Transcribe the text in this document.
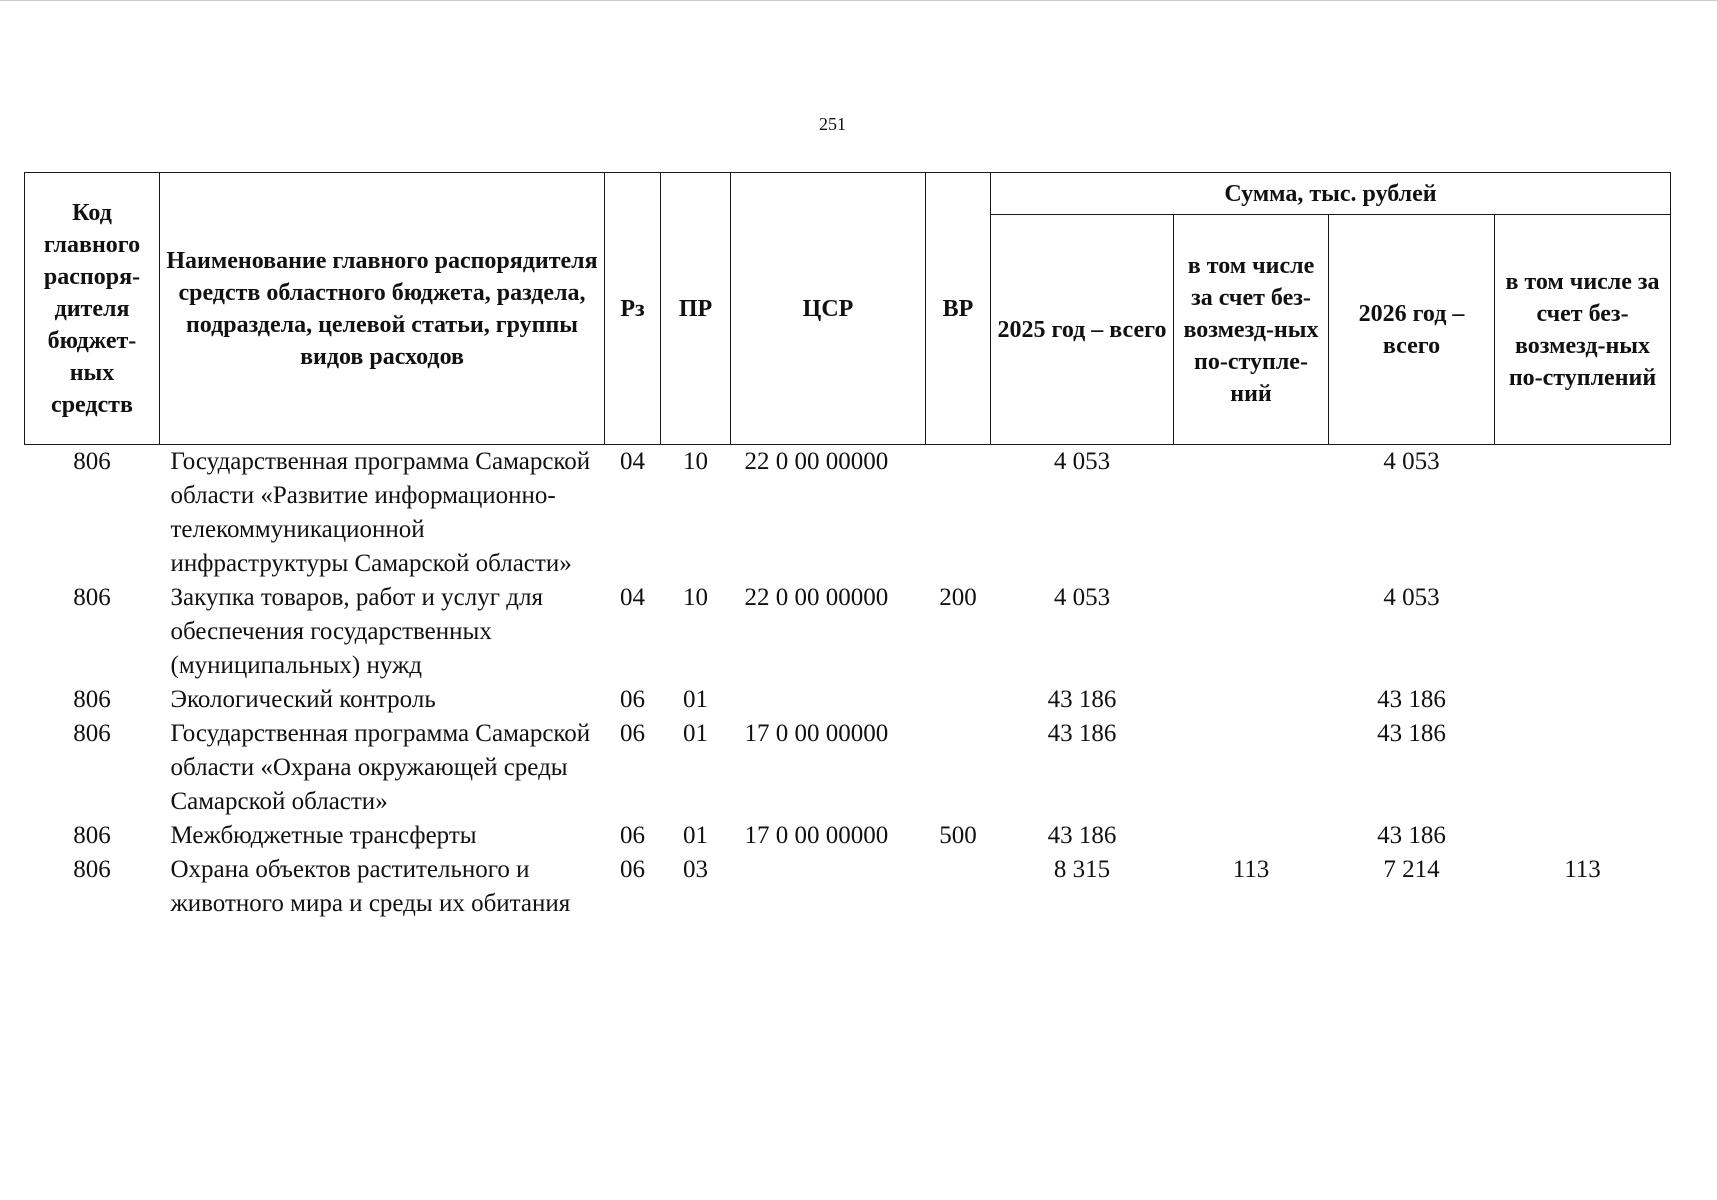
251
Код главного распоря-дителя бюджет-ных средств	Наименование главного распорядителя средств областного бюджета, раздела, подраздела, целевой статьи, группы видов расходов	Рз	ПР	ЦСР	ВР	Сумма, тыс. рублей			
						2025 год – всего	в том числе за счет без-возмезд-ных по-ступле-ний	2026 год – всего	в том числе за счет без-возмезд-ных по-ступлений
806	Государственная программа Самарской области «Развитие информационно-телекоммуникационной инфраструктуры Самарской области»	04	10	22 0 00 00000		4 053		4 053	
806	Закупка товаров, работ и услуг для обеспечения государственных (муниципальных) нужд	04	10	22 0 00 00000	200	4 053		4 053	
806	Экологический контроль	06	01			43 186		43 186	
806	Государственная программа Самарской области «Охрана окружающей среды Самарской области»	06	01	17 0 00 00000		43 186		43 186	
806	Межбюджетные трансферты	06	01	17 0 00 00000	500	43 186		43 186	
806	Охрана объектов растительного и животного мира и среды их обитания	06	03			8 315	113	7 214	113
